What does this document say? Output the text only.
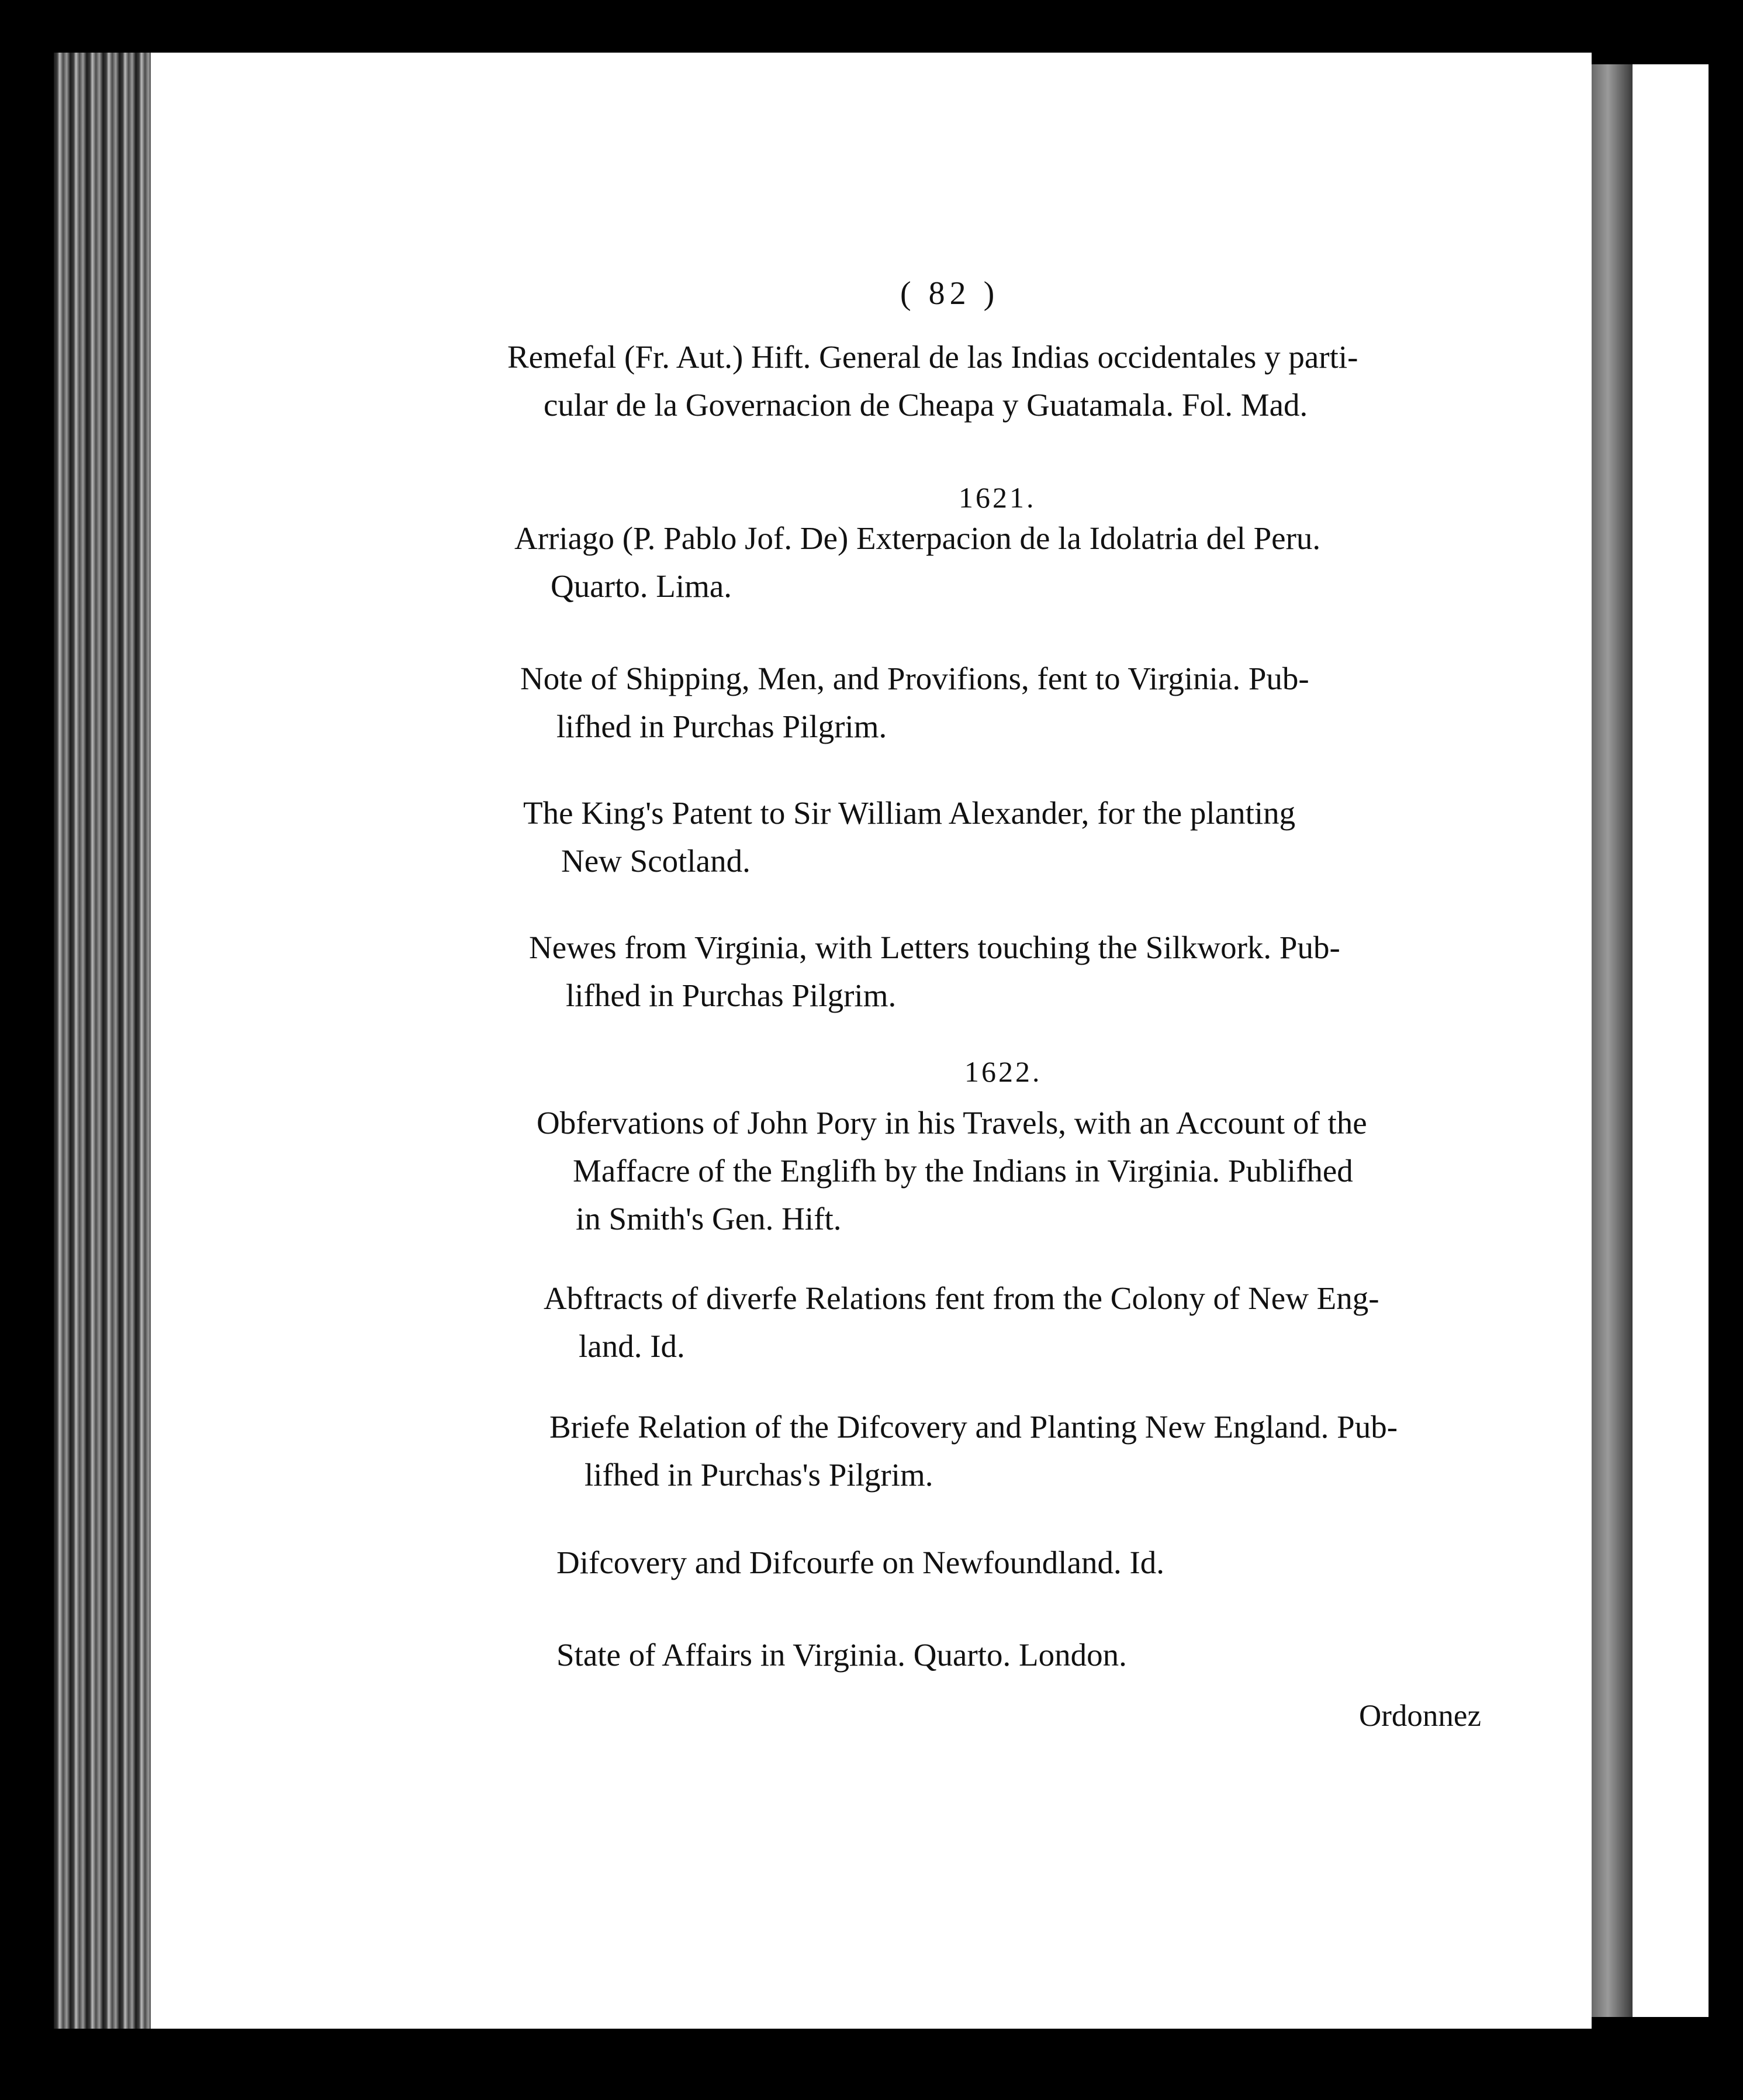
( 82 )
Remefal (Fr. Aut.) Hift. General de las Indias occidentales y parti-
cular de la Governacion de Cheapa y Guatamala. Fol. Mad.
1621.
Arriago (P. Pablo Jof. De) Exterpacion de la Idolatria del Peru.
Quarto. Lima.
Note of Shipping, Men, and Provifions, fent to Virginia. Pub-
lifhed in Purchas Pilgrim.
The King's Patent to Sir William Alexander, for the planting
New Scotland.
Newes from Virginia, with Letters touching the Silkwork. Pub-
lifhed in Purchas Pilgrim.
1622.
Obfervations of John Pory in his Travels, with an Account of the
Maffacre of the Englifh by the Indians in Virginia. Publifhed
in Smith's Gen. Hift.
Abftracts of diverfe Relations fent from the Colony of New Eng-
land. Id.
Briefe Relation of the Difcovery and Planting New England. Pub-
lifhed in Purchas's Pilgrim.
Difcovery and Difcourfe on Newfoundland. Id.
State of Affairs in Virginia. Quarto. London.
Ordonnez
